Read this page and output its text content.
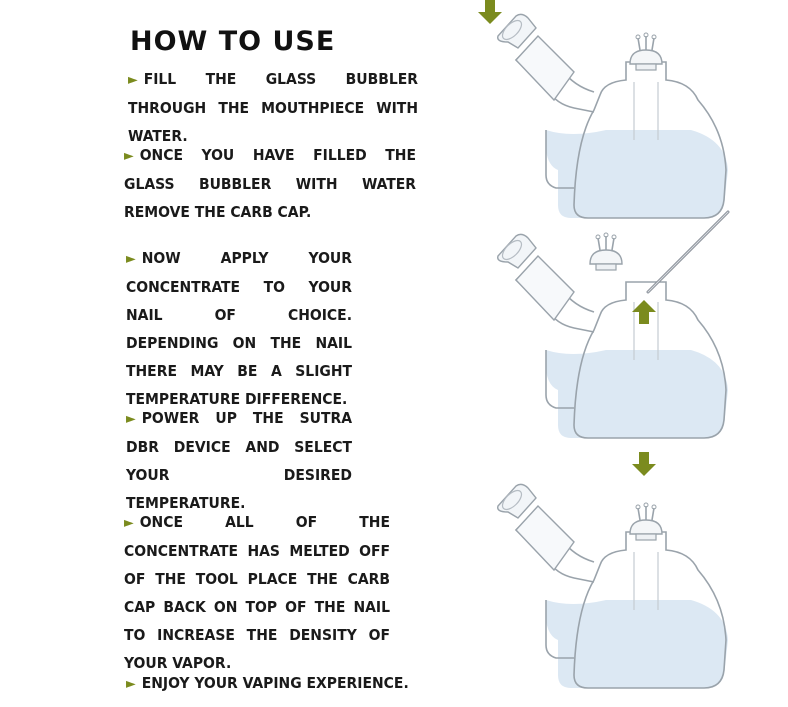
HOW TO USE

► FILL THE GLASS BUBBLER THROUGH THE MOUTHPIECE WITH WATER.

► ONCE YOU HAVE FILLED THE GLASS BUBBLER WITH WATER REMOVE THE CARB CAP.

► NOW APPLY YOUR CONCENTRATE TO YOUR NAIL OF CHOICE. DEPENDING ON THE NAIL THERE MAY BE A SLIGHT TEMPERATURE DIFFERENCE.

► POWER UP THE SUTRA DBR DEVICE AND SELECT YOUR DESIRED TEMPERATURE.

► ONCE ALL OF THE CONCENTRATE HAS MELTED OFF OF THE TOOL PLACE THE CARB CAP BACK ON TOP OF THE NAIL TO INCREASE THE DENSITY OF YOUR VAPOR.

► ENJOY YOUR VAPING EXPERIENCE.
